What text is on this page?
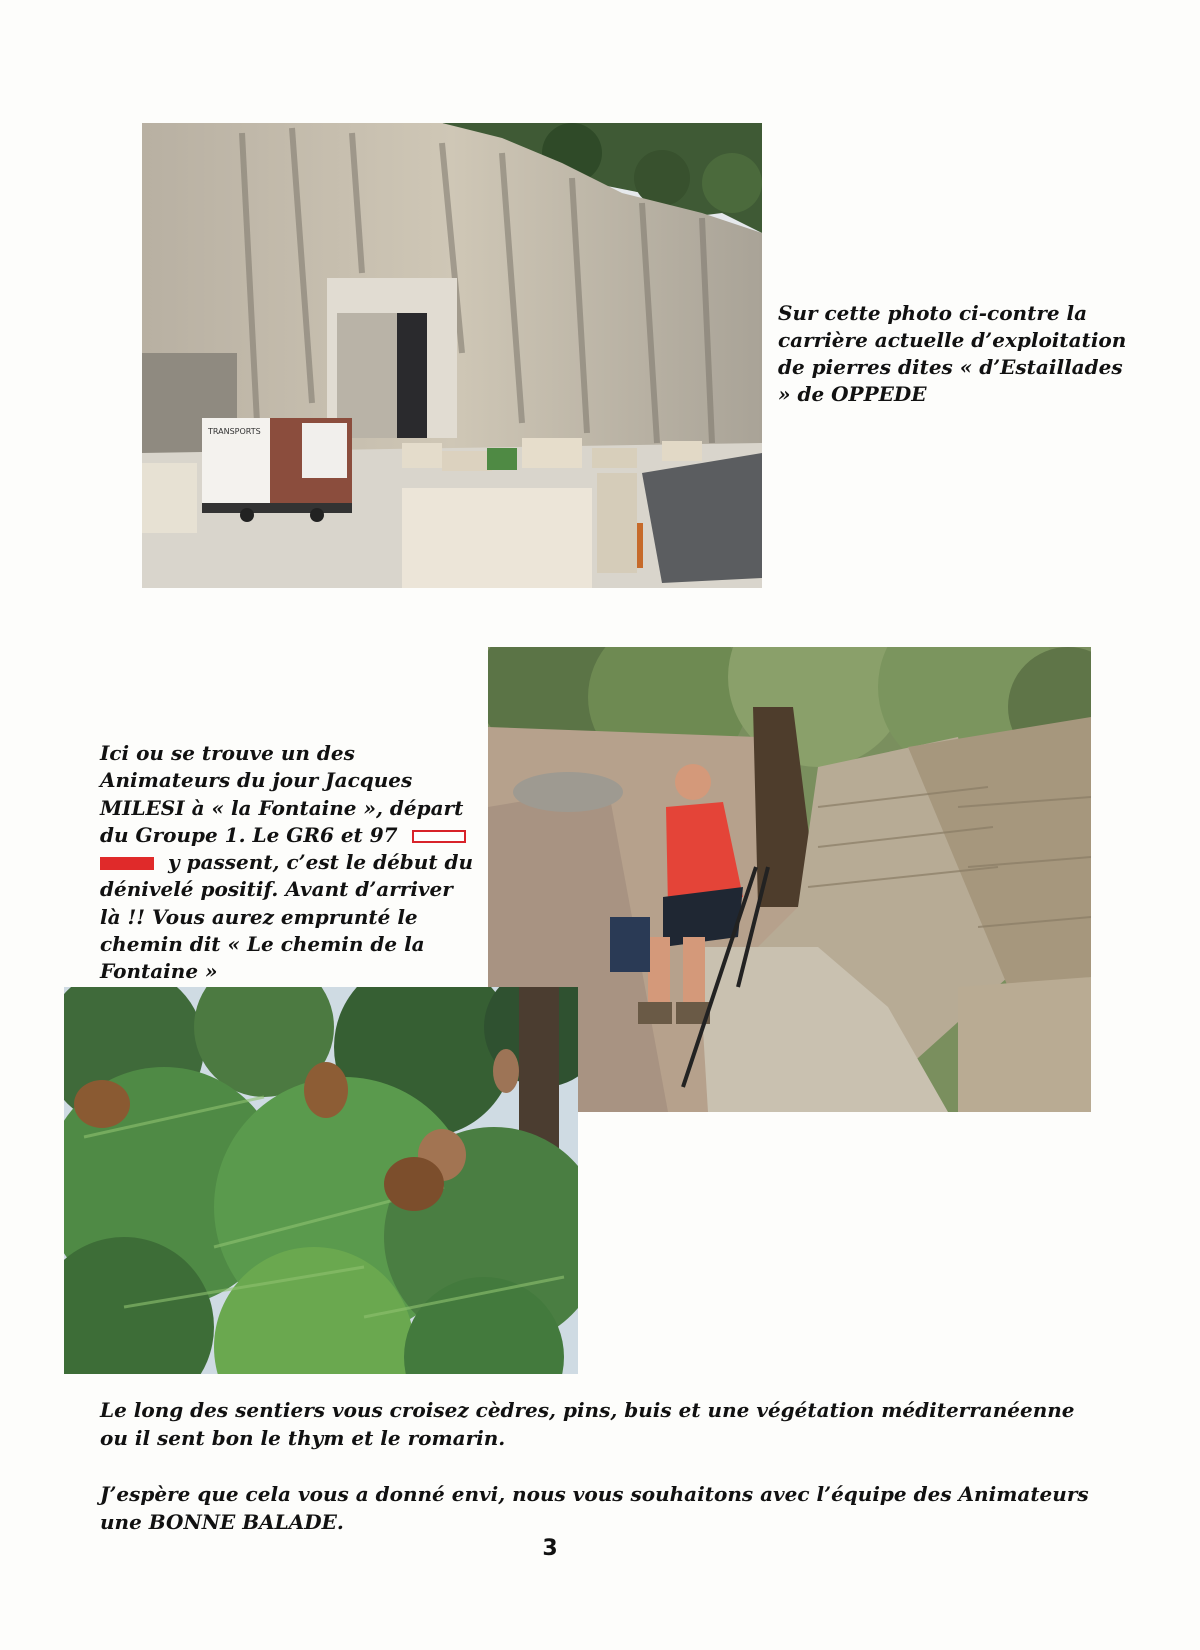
TRANSPORTS

Sur cette photo ci-contre la carrière actuelle d’exploitation de pierres dites « d’Estaillades » de OPPEDE

Ici ou se trouve un des Animateurs du jour Jacques MILESI à « la Fontaine », départ du Groupe 1. Le GR6 et 97y passent, c’est le début du dénivelé positif. Avant d’arriver là !! Vous aurez emprunté le chemin dit « Le chemin de la Fontaine »

Le long des sentiers vous croisez cèdres, pins, buis et une végétation méditerranéenne ou il sent bon le thym et le romarin.

J’espère que cela vous a donné envi, nous vous souhaitons avec l’équipe des Animateurs une BONNE BALADE.

3
